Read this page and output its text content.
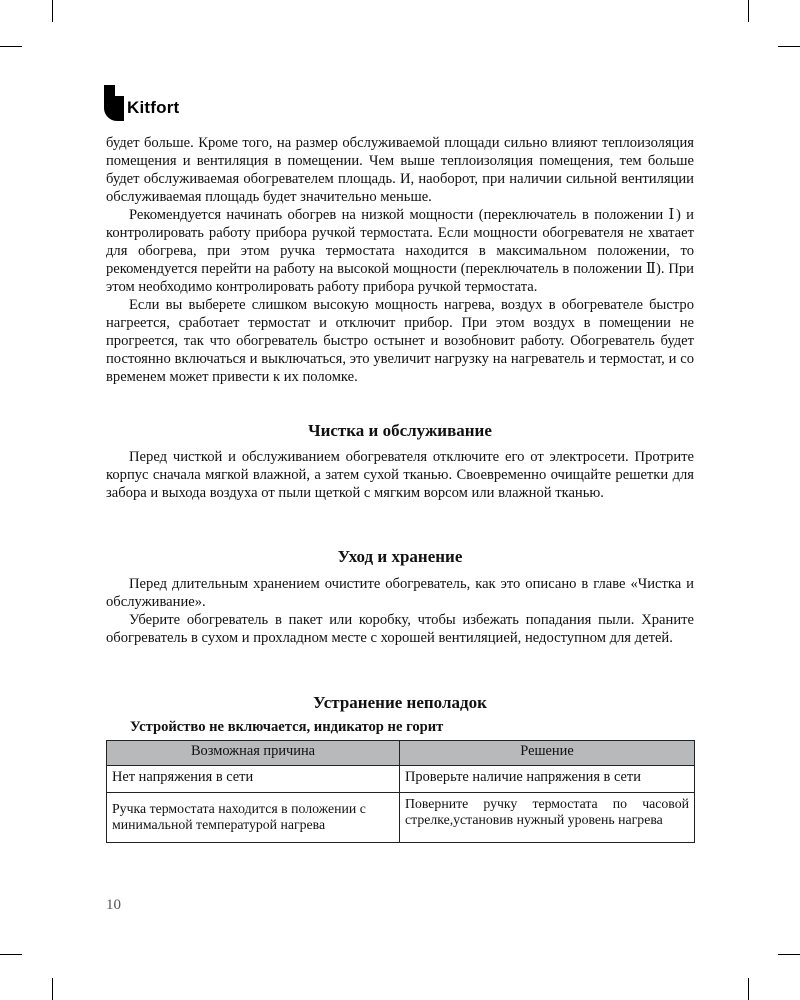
Kitfort

будет больше. Кроме того, на размер обслуживаемой площади сильно влияют теплоизоляция помещения и вентиляция в помещении. Чем выше теплоизоляция помещения, тем больше будет обслуживаемая обогревателем площадь. И, наоборот, при наличии сильной вентиляции обслуживаемая площадь будет значительно меньше.

Рекомендуется начинать обогрев на низкой мощности (переключатель в положении Ⅰ) и контролировать работу прибора ручкой термостата. Если мощности обогревателя не хватает для обогрева, при этом ручка термостата находится в максимальном положении, то рекомендуется перейти на работу на высокой мощности (переключатель в положении Ⅱ). При этом необходимо контролировать работу прибора ручкой термостата.

Если вы выберете слишком высокую мощность нагрева, воздух в обогревателе быстро нагреется, сработает термостат и отключит прибор. При этом воздух в помещении не прогреется, так что обогреватель быстро остынет и возобновит работу. Обогреватель будет постоянно включаться и выключаться, это увеличит нагрузку на нагреватель и термостат, и со временем может привести к их поломке.

Чистка и обслуживание

Перед чисткой и обслуживанием обогревателя отключите его от электросети. Протрите корпус сначала мягкой влажной, а затем сухой тканью. Своевременно очищайте решетки для забора и выхода воздуха от пыли щеткой с мягким ворсом или влажной тканью.

Уход и хранение

Перед длительным хранением очистите обогреватель, как это описано в главе «Чистка и обслуживание».

Уберите обогреватель в пакет или коробку, чтобы избежать попадания пыли. Храните обогреватель в сухом и прохладном месте с хорошей вентиляцией, недоступном для детей.

Устранение неполадок
Устройство не включается, индикатор не горит
Возможная причина	Решение
Нет напряжения в сети	Проверьте наличие напряжения в сети
Ручка термостата находится в положении с минимальной температурой нагрева	Поверните ручку термостата по часовой стрелке,установив нужный уровень нагрева
10
